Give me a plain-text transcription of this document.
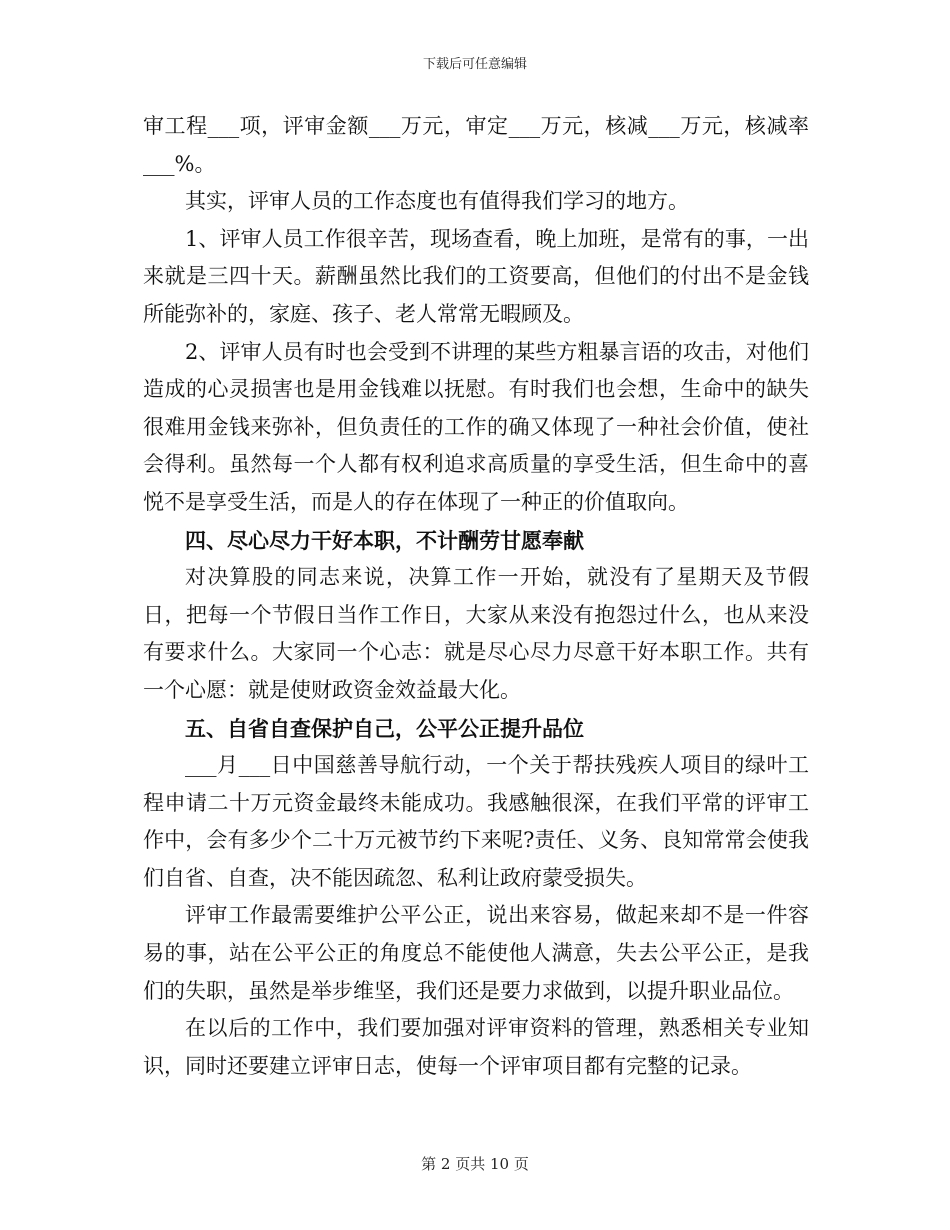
下载后可任意编辑

审工程___项，评审金额___万元，审定___万元，核减___万元，核减率___%。

其实，评审人员的工作态度也有值得我们学习的地方。

1、评审人员工作很辛苦，现场查看，晚上加班，是常有的事，一出来就是三四十天。薪酬虽然比我们的工资要高，但他们的付出不是金钱所能弥补的，家庭、孩子、老人常常无暇顾及。

2、评审人员有时也会受到不讲理的某些方粗暴言语的攻击，对他们造成的心灵损害也是用金钱难以抚慰。有时我们也会想，生命中的缺失很难用金钱来弥补，但负责任的工作的确又体现了一种社会价值，使社会得利。虽然每一个人都有权利追求高质量的享受生活，但生命中的喜悦不是享受生活，而是人的存在体现了一种正的价值取向。

四、尽心尽力干好本职，不计酬劳甘愿奉献

对决算股的同志来说，决算工作一开始，就没有了星期天及节假日，把每一个节假日当作工作日，大家从来没有抱怨过什么，也从来没有要求什么。大家同一个心志：就是尽心尽力尽意干好本职工作。共有一个心愿：就是使财政资金效益最大化。

五、自省自查保护自己，公平公正提升品位

___月___日中国慈善导航行动，一个关于帮扶残疾人项目的绿叶工程申请二十万元资金最终未能成功。我感触很深，在我们平常的评审工作中，会有多少个二十万元被节约下来呢?责任、义务、良知常常会使我们自省、自查，决不能因疏忽、私利让政府蒙受损失。

评审工作最需要维护公平公正，说出来容易，做起来却不是一件容易的事，站在公平公正的角度总不能使他人满意，失去公平公正，是我们的失职，虽然是举步维坚，我们还是要力求做到，以提升职业品位。

在以后的工作中，我们要加强对评审资料的管理，熟悉相关专业知识，同时还要建立评审日志，使每一个评审项目都有完整的记录。

第 2 页共 10 页
